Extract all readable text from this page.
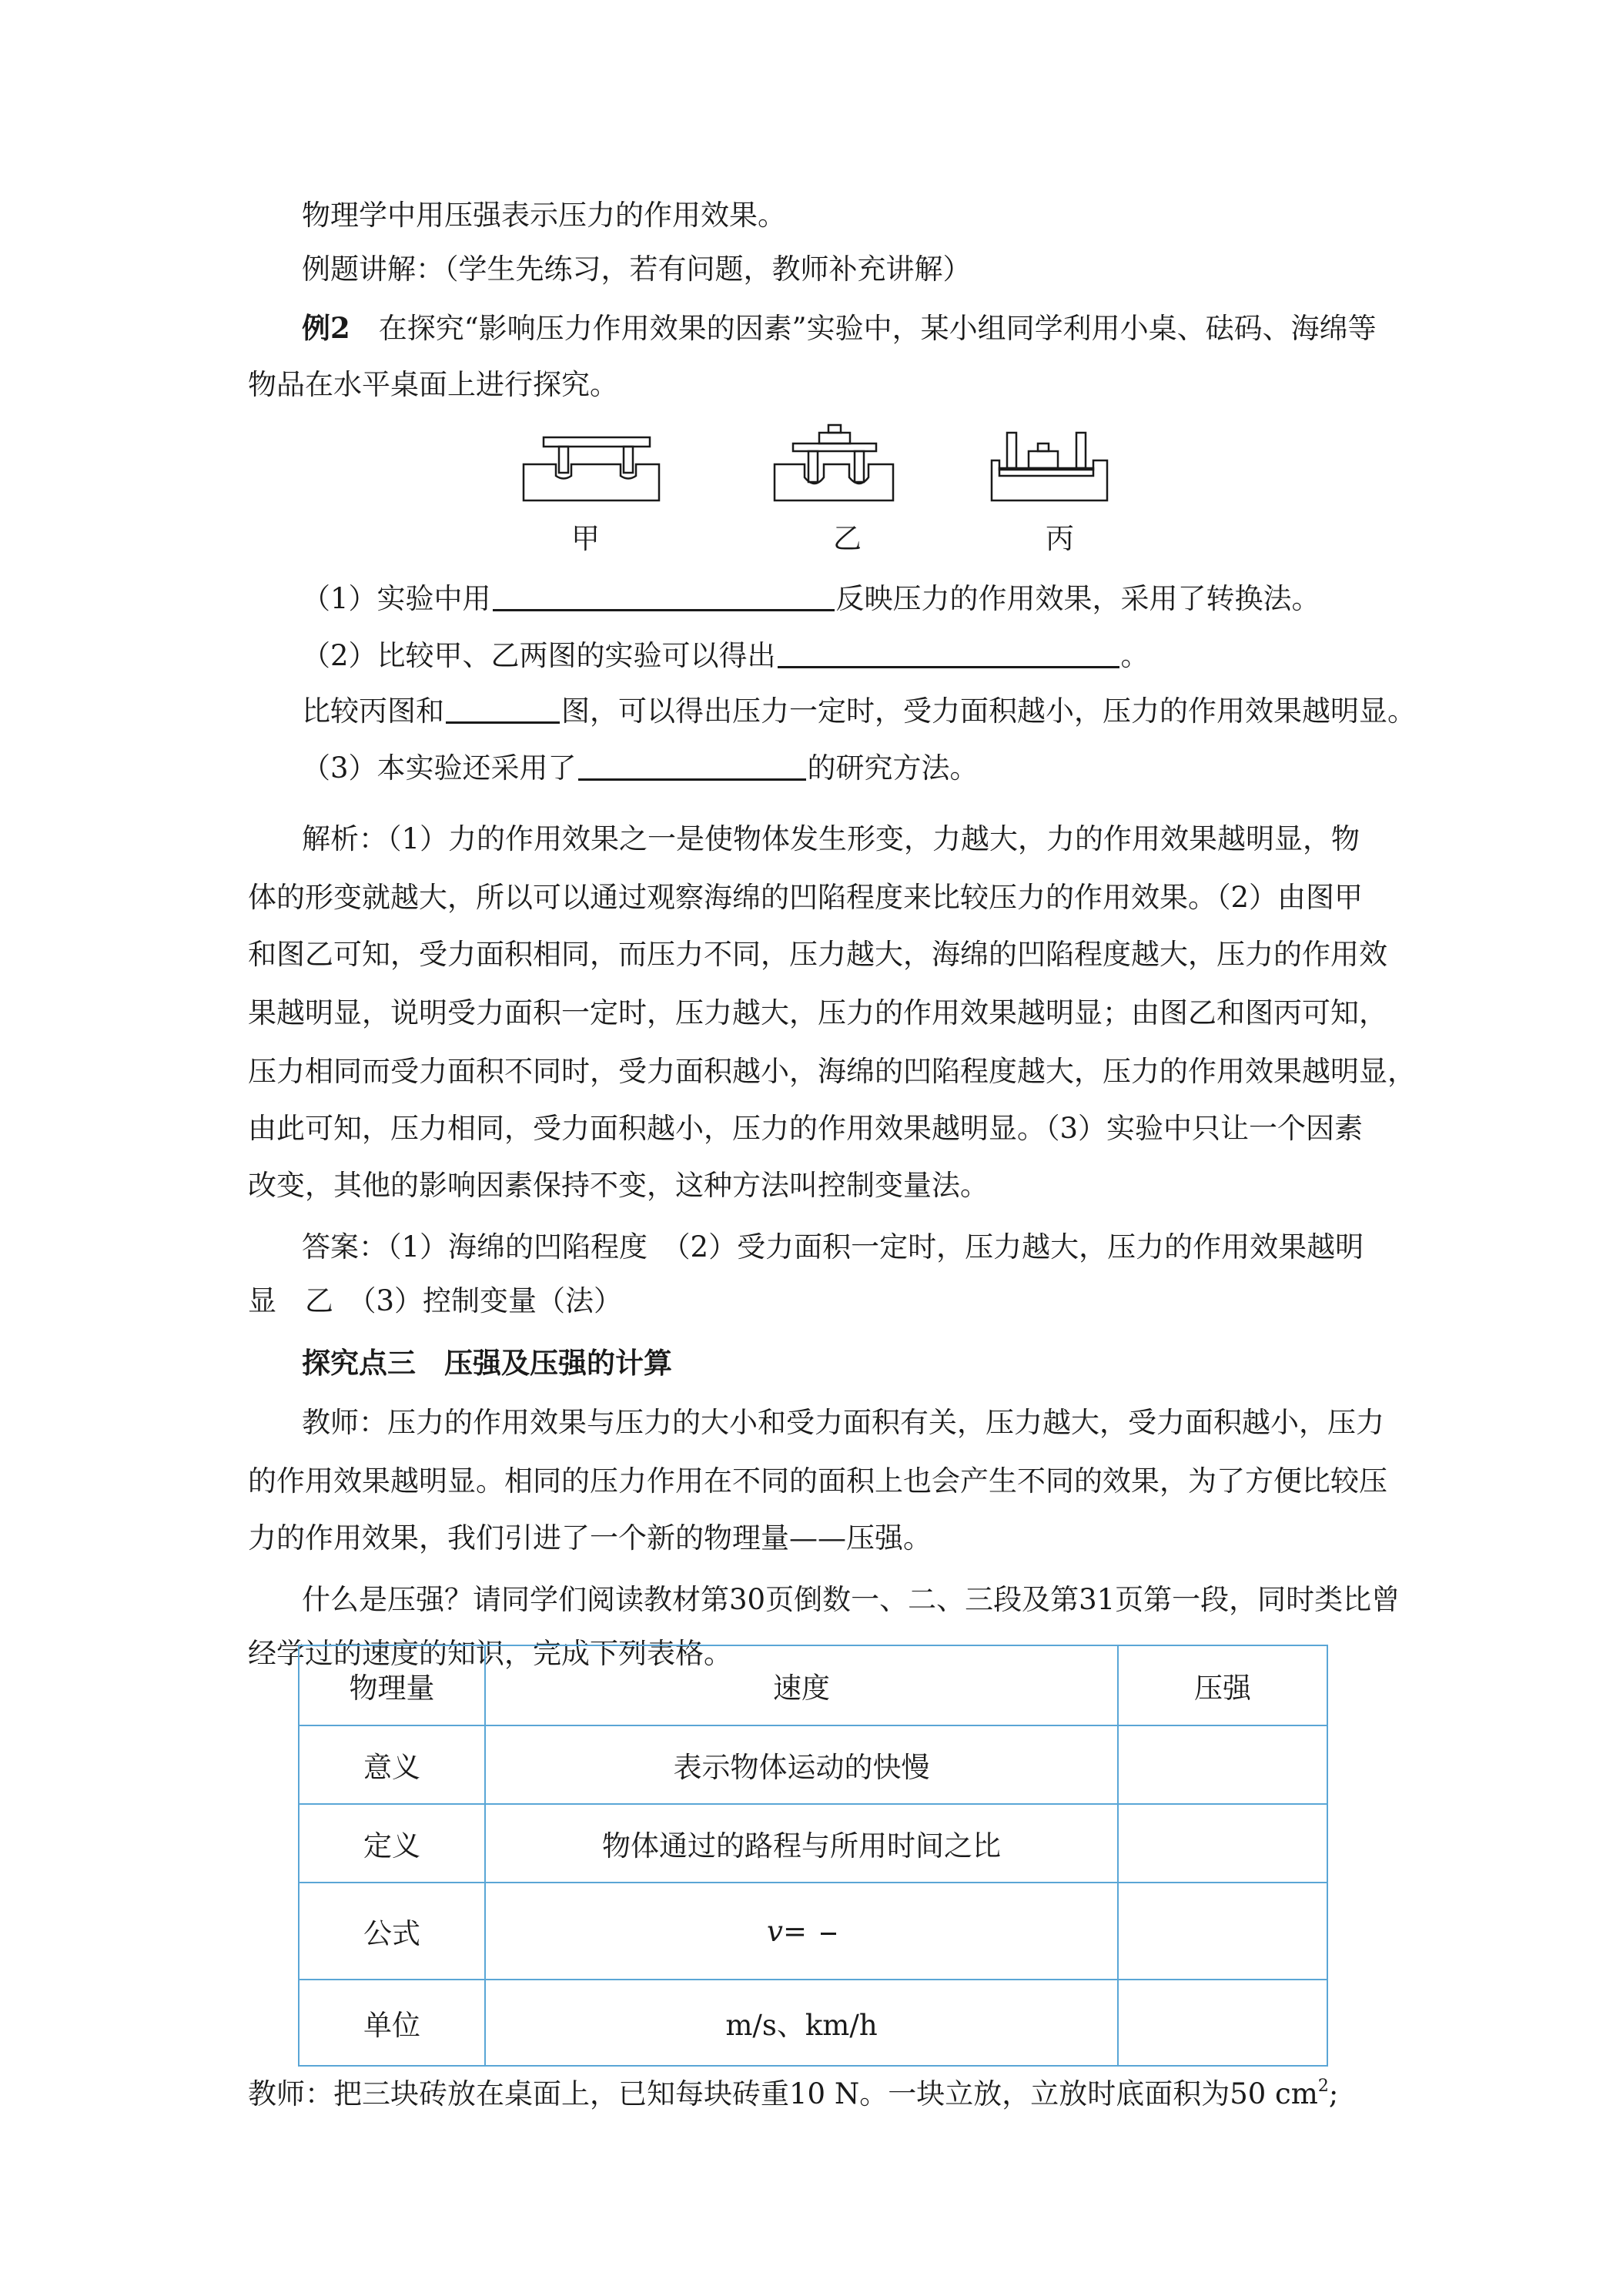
物理学中用压强表示压力的作用效果。
例题讲解：（学生先练习，若有问题，教师补充讲解）
例2　在探究“影响压力作用效果的因素”实验中，某小组同学利用小桌、砝码、海绵等
物品在水平桌面上进行探究。
甲	乙	丙
（1）实验中用	反映压力的作用效果，采用了转换法。
（2）比较甲、乙两图的实验可以得出	。
比较丙图和	图，可以得出压力一定时，受力面积越小，压力的作用效果越明显。
（3）本实验还采用了	的研究方法。
解析：（1）力的作用效果之一是使物体发生形变，力越大，力的作用效果越明显，物
体的形变就越大，所以可以通过观察海绵的凹陷程度来比较压力的作用效果。（2）由图甲
和图乙可知，受力面积相同，而压力不同，压力越大，海绵的凹陷程度越大，压力的作用效
果越明显，说明受力面积一定时，压力越大，压力的作用效果越明显；由图乙和图丙可知，
压力相同而受力面积不同时，受力面积越小，海绵的凹陷程度越大，压力的作用效果越明显，
由此可知，压力相同，受力面积越小，压力的作用效果越明显。（3）实验中只让一个因素
改变，其他的影响因素保持不变，这种方法叫控制变量法。
答案：（1）海绵的凹陷程度　（2）受力面积一定时，压力越大，压力的作用效果越明
显　乙　（3）控制变量（法）
探究点三　压强及压强的计算
教师：压力的作用效果与压力的大小和受力面积有关，压力越大，受力面积越小，压力
的作用效果越明显。相同的压力作用在不同的面积上也会产生不同的效果，为了方便比较压
力的作用效果，我们引进了一个新的物理量——压强。
什么是压强？请同学们阅读教材第30页倒数一、二、三段及第31页第一段，同时类比曾
经学过的速度的知识，完成下列表格。
物理量	速度	压强
意义	表示物体运动的快慢	
定义	物体通过的路程与所用时间之比	
公式	v=	
单位	m/s、km/h	
教师：把三块砖放在桌面上，已知每块砖重10 N。一块立放，立放时底面积为50 $cm^2$;
